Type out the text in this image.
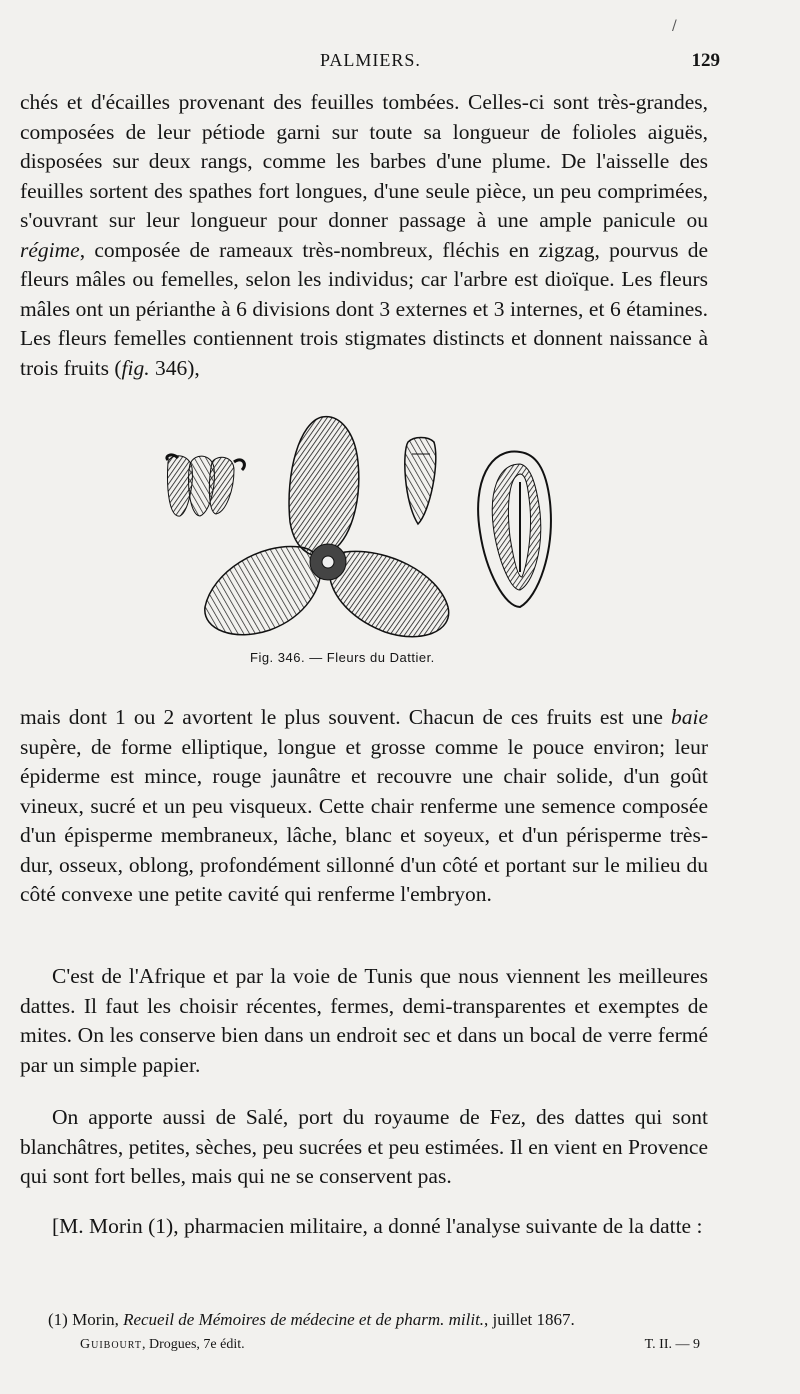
/
PALMIERS.	129

chés et d'écailles provenant des feuilles tombées. Celles-ci sont très-grandes, composées de leur pétiode garni sur toute sa longueur de folioles aiguës, disposées sur deux rangs, comme les barbes d'une plume. De l'aisselle des feuilles sortent des spathes fort longues, d'une seule pièce, un peu comprimées, s'ouvrant sur leur longueur pour donner passage à une ample panicule ou régime, composée de rameaux très-nombreux, fléchis en zigzag, pourvus de fleurs mâles ou femelles, selon les individus; car l'arbre est dioïque. Les fleurs mâles ont un périanthe à 6 divisions dont 3 externes et 3 internes, et 6 étamines. Les fleurs femelles contiennent trois stigmates distincts et donnent naissance à trois fruits (fig. 346),

Fig. 346. — Fleurs du Dattier.

mais dont 1 ou 2 avortent le plus souvent. Chacun de ces fruits est une baie supère, de forme elliptique, longue et grosse comme le pouce environ; leur épiderme est mince, rouge jaunâtre et recouvre une chair solide, d'un goût vineux, sucré et un peu visqueux. Cette chair renferme une semence composée d'un épisperme membraneux, lâche, blanc et soyeux, et d'un périsperme très-dur, osseux, oblong, profondément sillonné d'un côté et portant sur le milieu du côté convexe une petite cavité qui renferme l'embryon.

C'est de l'Afrique et par la voie de Tunis que nous viennent les meilleures dattes. Il faut les choisir récentes, fermes, demi-transparentes et exemptes de mites. On les conserve bien dans un endroit sec et dans un bocal de verre fermé par un simple papier.

On apporte aussi de Salé, port du royaume de Fez, des dattes qui sont blanchâtres, petites, sèches, peu sucrées et peu estimées. Il en vient en Provence qui sont fort belles, mais qui ne se conservent pas.

[M. Morin (1), pharmacien militaire, a donné l'analyse suivante de la datte :

(1) Morin, Recueil de Mémoires de médecine et de pharm. milit., juillet 1867.
Guibourt, Drogues, 7e édit.	T. II. — 9
